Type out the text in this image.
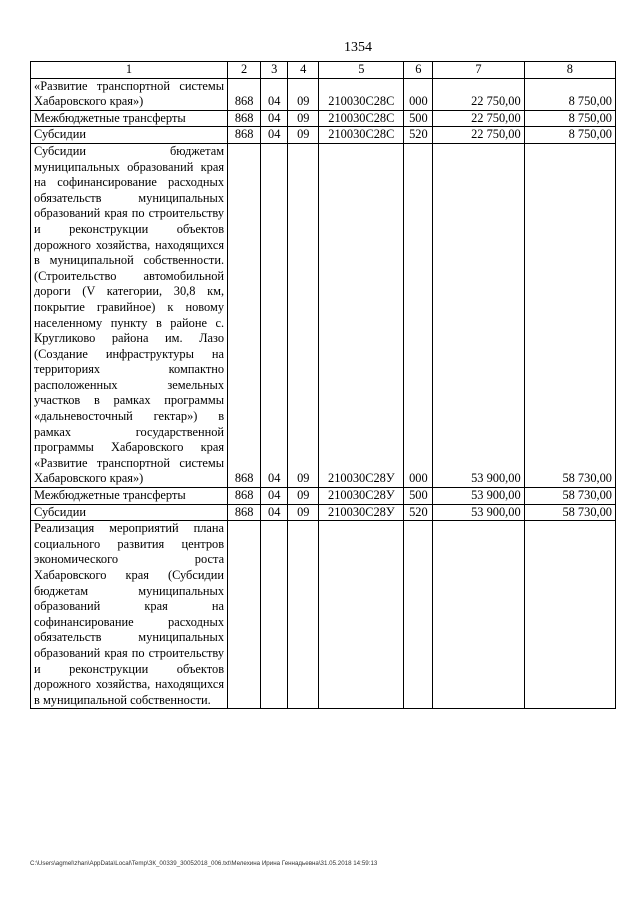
1354
1	2	3	4	5	6	7	8
«Развитие транспортной системы Хабаровского края»)	868	04	09	210030С28С	000	22 750,00	8 750,00
Межбюджетные трансферты	868	04	09	210030С28С	500	22 750,00	8 750,00
Субсидии	868	04	09	210030С28С	520	22 750,00	8 750,00
Субсидии бюджетам муниципальных образований края на софинансирование расходных обязательств муниципальных образований края по строительству и реконструкции объектов дорожного хозяйства, находящихся в муниципальной собственности. (Строительство автомобильной дороги (V категории, 30,8 км, покрытие гравийное) к новому населенному пункту в районе с. Кругликово района им. Лазо (Создание инфраструктуры на территориях компактно расположенных земельных участков в рамках программы «дальневосточный гектар») в рамках государственной программы Хабаровского края «Развитие транспортной системы Хабаровского края»)	868	04	09	210030С28У	000	53 900,00	58 730,00
Межбюджетные трансферты	868	04	09	210030С28У	500	53 900,00	58 730,00
Субсидии	868	04	09	210030С28У	520	53 900,00	58 730,00
Реализация мероприятий плана социального развития центров экономического роста Хабаровского края (Субсидии бюджетам муниципальных образований края на софинансирование расходных обязательств муниципальных образований края по строительству и реконструкции объектов дорожного хозяйства, находящихся в муниципальной собственности.							
C:\Users\agmel\zhan\AppData\Local\Temp\ЗК_00339_30052018_006.txt\Мелехина Ирина Геннадьевна\31.05.2018 14:59:13
